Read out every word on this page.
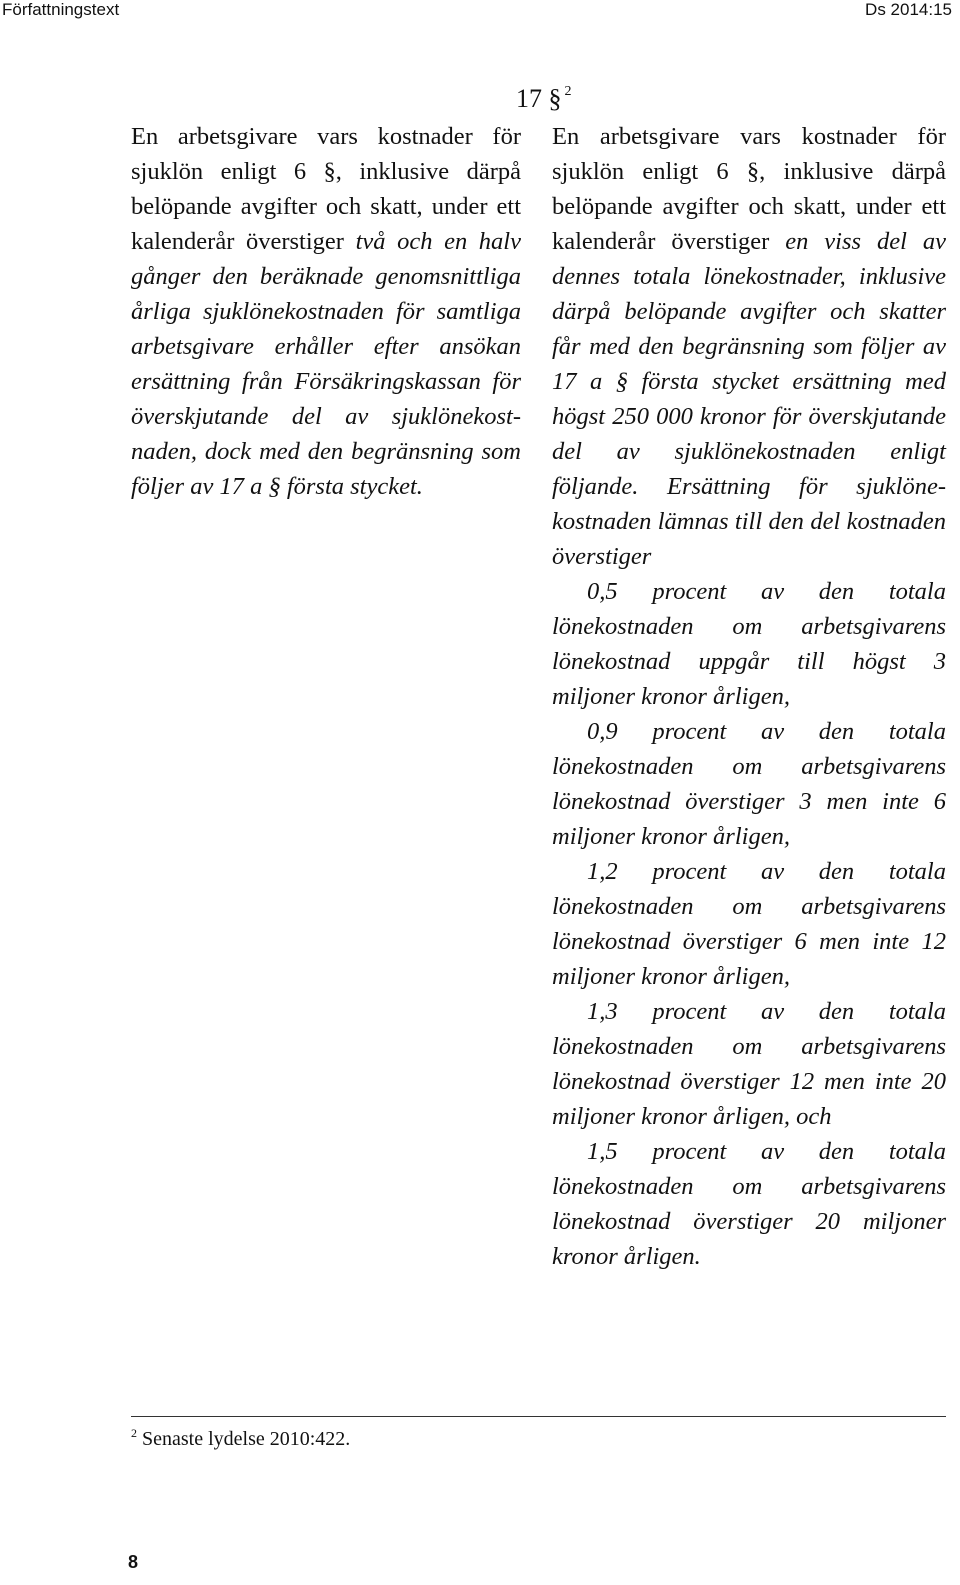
Författningstext	Ds 2014:15
17 § $^2$

En arbetsgivare vars kostnader för sjuklön enligt 6 §, inklusive därpå belöpande avgifter och skatt, under ett kalenderår överstiger två och en halv gånger den beräknade genomsnittliga årliga sjuklönekostnaden för samtliga arbetsgivare erhåller efter ansökan ersättning från Försäkringskassan för överskjutande del av sjuklönekostnaden, dock med den begränsning som följer av 17 a § första stycket.

En arbetsgivare vars kostnader för sjuklön enligt 6 §, inklusive därpå belöpande avgifter och skatt, under ett kalenderår överstiger en viss del av dennes totala lönekostnader, inklusive därpå belöpande avgifter och skatter får med den begränsning som följer av 17 a § första stycket ersättning med högst 250 000 kronor för överskjutande del av sjuklönekostnaden enligt följande. Ersättning för sjuklönekostnaden lämnas till den del kostnaden överstiger

0,5 procent av den totala lönekostnaden om arbetsgivarens lönekostnad uppgår till högst 3 miljoner kronor årligen,

0,9 procent av den totala lönekostnaden om arbetsgivarens lönekostnad överstiger 3 men inte 6 miljoner kronor årligen,

1,2 procent av den totala lönekostnaden om arbetsgivarens lönekostnad överstiger 6 men inte 12 miljoner kronor årligen,

1,3 procent av den totala lönekostnaden om arbetsgivarens lönekostnad överstiger 12 men inte 20 miljoner kronor årligen, och

1,5 procent av den totala lönekostnaden om arbetsgivarens lönekostnad överstiger 20 miljoner kronor årligen.

$^2$ Senaste lydelse 2010:422.
8
